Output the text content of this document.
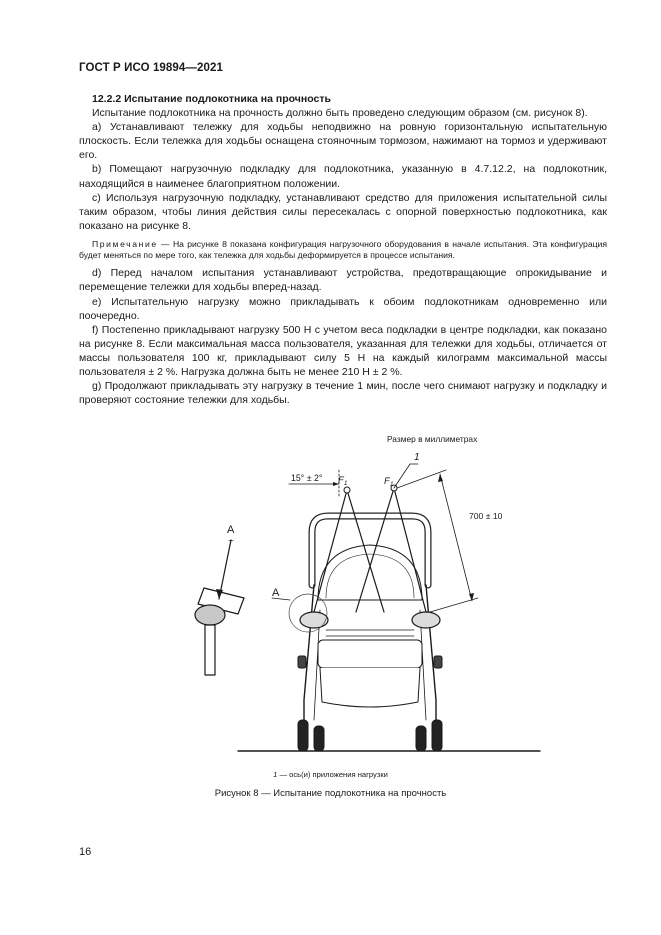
ГОСТ Р ИСО 19894—2021

12.2.2 Испытание подлокотника на прочность

Испытание подлокотника на прочность должно быть проведено следующим образом (см. рисунок 8).

а) Устанавливают тележку для ходьбы неподвижно на ровную горизонтальную испытательную плоскость. Если тележка для ходьбы оснащена стояночным тормозом, нажимают на тормоз и удерживают его.

b) Помещают нагрузочную подкладку для подлокотника, указанную в 4.7.12.2, на подлокотник, находящийся в наименее благоприятном положении.

с) Используя нагрузочную подкладку, устанавливают средство для приложения испытательной силы таким образом, чтобы линия действия силы пересекалась с опорной поверхностью подлокотника, как показано на рисунке 8.

Примечание — На рисунке 8 показана конфигурация нагрузочного оборудования в начале испытания. Эта конфигурация будет меняться по мере того, как тележка для ходьбы деформируется в процессе испытания.

d) Перед началом испытания устанавливают устройства, предотвращающие опрокидывание и перемещение тележки для ходьбы вперед-назад.

е) Испытательную нагрузку можно прикладывать к обоим подлокотникам одновременно или поочередно.

f) Постепенно прикладывают нагрузку 500 Н с учетом веса подкладки в центре подкладки, как показано на рисунке 8. Если максимальная масса пользователя, указанная для тележки для ходьбы, отличается от массы пользователя 100 кг, прикладывают силу 5 Н на каждый килограмм максимальной массы пользователя ± 2 %. Нагрузка должна быть не менее 210 Н ± 2 %.

g) Продолжают прикладывать эту нагрузку в течение 1 мин, после чего снимают нагрузку и подкладку и проверяют состояние тележки для ходьбы.

Размер в миллиметрах
15° ± 2° $F_1$	$F_1$
1
700 ± 10
A
~
A
1 — ось(и) приложения нагрузки
Рисунок 8 — Испытание подлокотника на прочность
16
